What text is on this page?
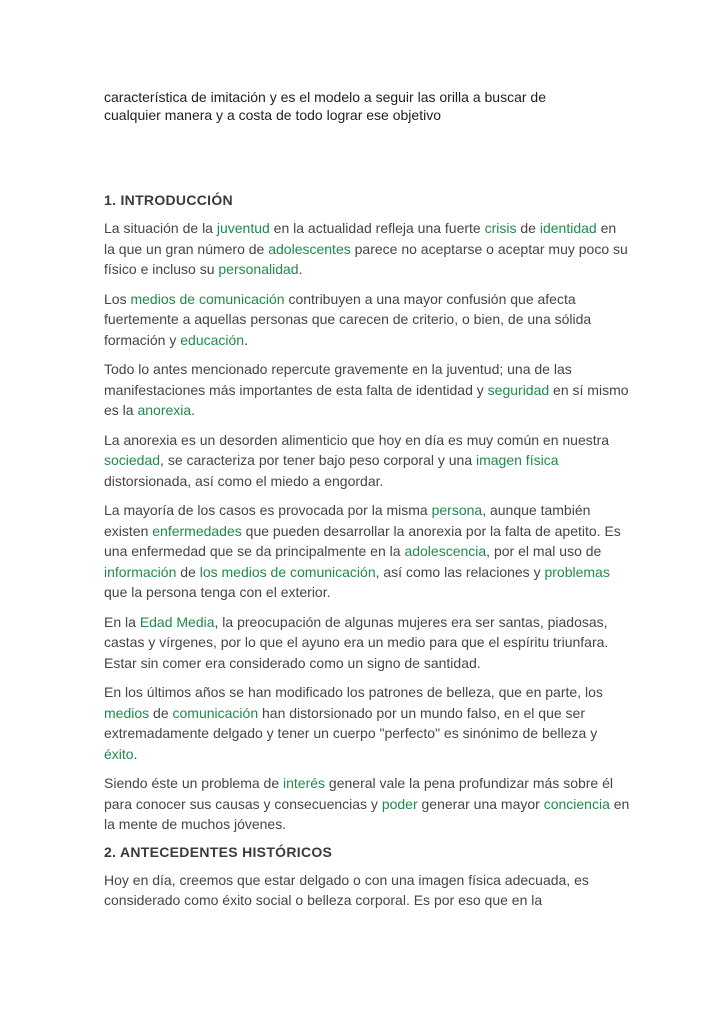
característica de imitación y es el modelo a seguir las orilla a buscar de
cualquier manera y a costa de todo lograr ese objetivo

1. INTRODUCCIÓN

La situación de la juventud en la actualidad refleja una fuerte crisis de identidad en la que un gran número de adolescentes parece no aceptarse o aceptar muy poco su físico e incluso su personalidad.

Los medios de comunicación contribuyen a una mayor confusión que afecta fuertemente a aquellas personas que carecen de criterio, o bien, de una sólida formación y educación.

Todo lo antes mencionado repercute gravemente en la juventud; una de las manifestaciones más importantes de esta falta de identidad y seguridad en sí mismo es la anorexia.

La anorexia es un desorden alimenticio que hoy en día es muy común en nuestra sociedad, se caracteriza por tener bajo peso corporal y una imagen física distorsionada, así como el miedo a engordar.

La mayoría de los casos es provocada por la misma persona, aunque también existen enfermedades que pueden desarrollar la anorexia por la falta de apetito. Es una enfermedad que se da principalmente en la adolescencia, por el mal uso de información de los medios de comunicación, así como las relaciones y problemas que la persona tenga con el exterior.

En la Edad Media, la preocupación de algunas mujeres era ser santas, piadosas, castas y vírgenes, por lo que el ayuno era un medio para que el espíritu triunfara. Estar sin comer era considerado como un signo de santidad.

En los últimos años se han modificado los patrones de belleza, que en parte, los medios de comunicación han distorsionado por un mundo falso, en el que ser extremadamente delgado y tener un cuerpo "perfecto" es sinónimo de belleza y éxito.

Siendo éste un problema de interés general vale la pena profundizar más sobre él para conocer sus causas y consecuencias y poder generar una mayor conciencia en la mente de muchos jóvenes.

2. ANTECEDENTES HISTÓRICOS

Hoy en día, creemos que estar delgado o con una imagen física adecuada, es considerado como éxito social o belleza corporal. Es por eso que en la
